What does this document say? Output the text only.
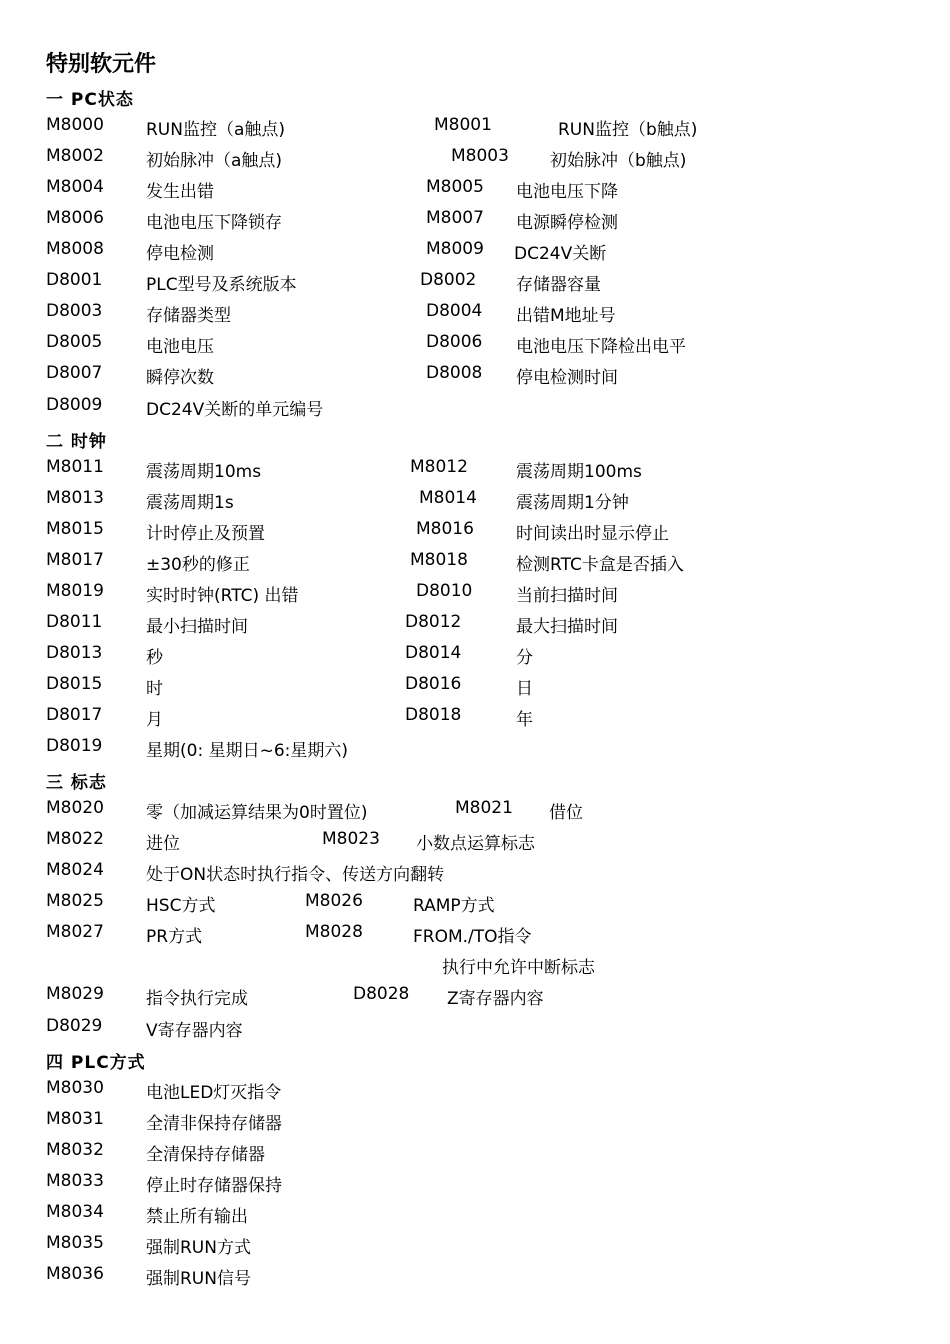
特别软元件
一 PC状态
M8000 RUN监控（a触点)	M8001	RUN监控（b触点)
M8002 初始脉冲（a触点)	M8003 初始脉冲（b触点)
M8004 发生出错	M8005 电池电压下降
M8006 电池电压下降锁存	M8007 电源瞬停检测
M8008 停电检测	M8009 DC24V关断
D8001	PLC型号及系统版本	D8002 存储器容量
D8003	存储器类型	D8004 出错M地址号
D8005	电池电压	D8006 电池电压下降检出电平
D8007	瞬停次数	D8008 停电检测时间
D8009	DC24V关断的单元编号
二 时钟
M8011 震荡周期10ms	M8012	震荡周期100ms
M8013 震荡周期1s	M8014 震荡周期1分钟
M8015 计时停止及预置	M8016 时间读出时显示停止
M8017 ±30秒的修正	M8018	检测RTC卡盒是否插入
M8019 实时时钟(RTC) 出错	D8010	当前扫描时间
D8011	最小扫描时间	D8012	最大扫描时间
D8013	秒	D8014	分
D8015	时	D8016	日
D8017	月	D8018	年
D8019	星期(0: 星期日~6:星期六)
三 标志
M8020 零（加减运算结果为0时置位)	M8021 借位
M8022 进位	M8023 小数点运算标志
M8024 处于ON状态时执行指令、传送方向翻转
M8025 HSC方式	M8026	RAMP方式
M8027 PR方式	M8028	FROM./TO指令
执行中允许中断标志
M8029 指令执行完成	D8028 Z寄存器内容
D8029	V寄存器内容
四 PLC方式
M8030 电池LED灯灭指令
M8031 全清非保持存储器
M8032 全清保持存储器
M8033 停止时存储器保持
M8034 禁止所有输出
M8035 强制RUN方式
M8036 强制RUN信号
